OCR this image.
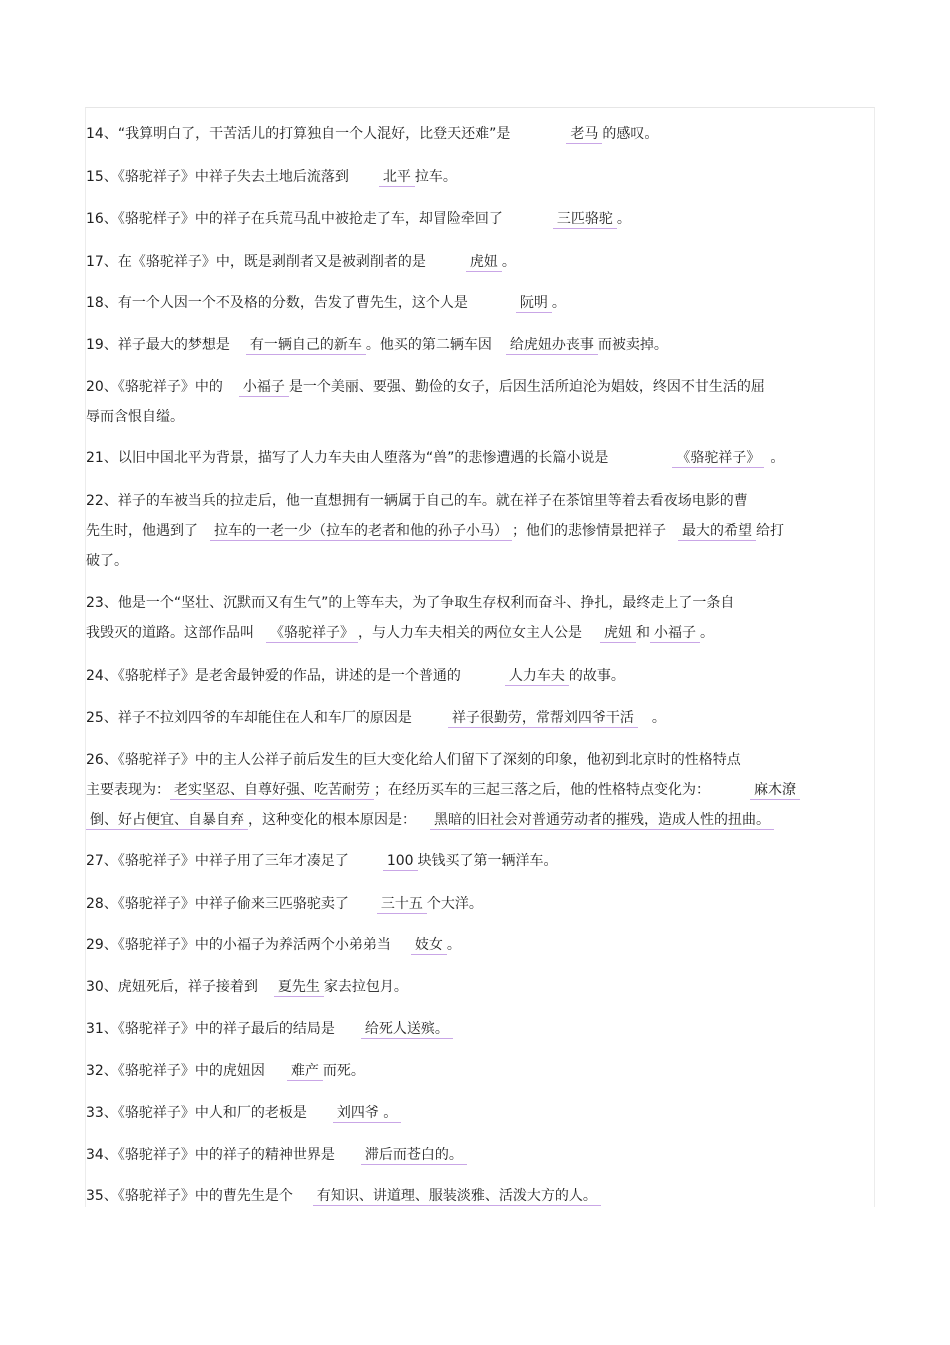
14、“我算明白了，干苦活儿的打算独自一个人混好，比登天还难”是	老马 的感叹。

15、《骆驼祥子》中祥子失去土地后流落到 北平 拉车。

16、《骆驼样子》中的祥子在兵荒马乱中被抢走了车，却冒险牵回了	三匹骆驼 。

17、在《骆驼祥子》中，既是剥削者又是被剥削者的是	虎妞 。

18、有一个人因一个不及格的分数，告发了曹先生，这个人是	阮明 。

19、祥子最大的梦想是 有一辆自己的新车 。他买的第二辆车因 给虎妞办丧事 而被卖掉。

20、《骆驼祥子》中的 小福子 是一个美丽、要强、勤俭的女子，后因生活所迫沦为娼妓，终因不甘生活的屈

辱而含恨自缢。

21、以旧中国北平为背景，描写了人力车夫由人堕落为“兽”的悲惨遭遇的长篇小说是	《骆驼祥子》 。

22、祥子的车被当兵的拉走后，他一直想拥有一辆属于自己的车。就在祥子在茶馆里等着去看夜场电影的曹

先生时，他遇到了 拉车的一老一少（拉车的老者和他的孙子小马） ；他们的悲惨情景把祥子 最大的希望 给打

破了。

23、他是一个“坚壮、沉默而又有生气”的上等车夫，为了争取生存权利而奋斗、挣扎，最终走上了一条自

我毁灭的道路。这部作品叫 《骆驼祥子》 ，与人力车夫相关的两位女主人公是 虎妞 和 小福子 。

24、《骆驼样子》是老舍最钟爱的作品，讲述的是一个普通的	人力车夫 的故事。

25、祥子不拉刘四爷的车却能住在人和车厂的原因是	祥子很勤劳，常帮刘四爷干活 。

26、《骆驼祥子》中的主人公祥子前后发生的巨大变化给人们留下了深刻的印象，他初到北京时的性格特点

主要表现为： 老实坚忍、自尊好强、吃苦耐劳 ；在经历买车的三起三落之后，他的性格特点变化为：	麻木潦

倒、好占便宜、自暴自弃 ，这种变化的根本原因是： 黑暗的旧社会对普通劳动者的摧残，造成人性的扭曲。

27、《骆驼祥子》中祥子用了三年才凑足了	100 块钱买了第一辆洋车。

28、《骆驼祥子》中祥子偷来三匹骆驼卖了 三十五 个大洋。

29、《骆驼祥子》中的小福子为养活两个小弟弟当 妓女 。

30、虎妞死后，祥子接着到 夏先生 家去拉包月。

31、《骆驼祥子》中的祥子最后的结局是 给死人送殡。

32、《骆驼祥子》中的虎妞因 难产 而死。

33、《骆驼祥子》中人和厂的老板是 刘四爷 。

34、《骆驼祥子》中的祥子的精神世界是 滞后而苍白的。

35、《骆驼祥子》中的曹先生是个 有知识、讲道理、服装淡雅、活泼大方的人。
